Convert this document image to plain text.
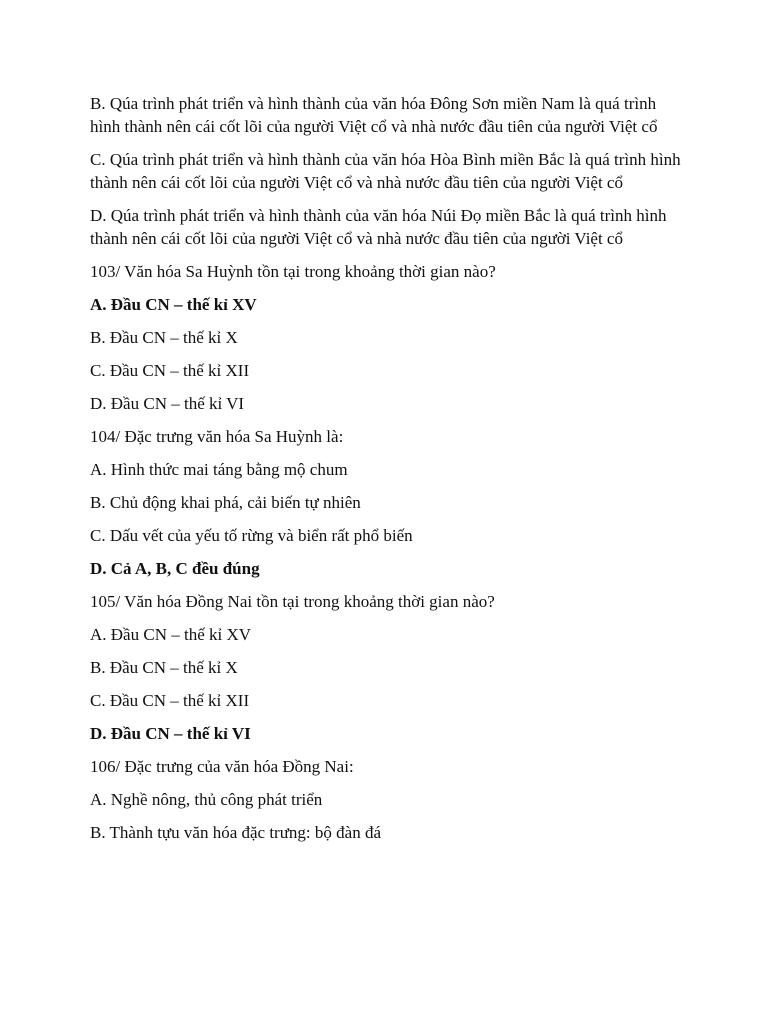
B. Qúa trình phát triển và hình thành của văn hóa Đông Sơn miền Nam là quá trình hình thành nên cái cốt lõi của người Việt cổ và nhà nước đầu tiên của người Việt cổ

C. Qúa trình phát triển và hình thành của văn hóa Hòa Bình miền Bắc là quá trình hình thành nên cái cốt lõi của người Việt cổ và nhà nước đầu tiên của người Việt cổ

D. Qúa trình phát triển và hình thành của văn hóa Núi Đọ miền Bắc là quá trình hình thành nên cái cốt lõi của người Việt cổ và nhà nước đầu tiên của người Việt cổ

103/ Văn hóa Sa Huỳnh tồn tại trong khoảng thời gian nào?

A. Đầu CN – thế kỉ XV

B. Đầu CN – thế kỉ X

C. Đầu CN – thế kỉ XII

D. Đầu CN – thế kỉ VI

104/ Đặc trưng văn hóa Sa Huỳnh là:

A. Hình thức mai táng bằng mộ chum

B. Chủ động khai phá, cải biến tự nhiên

C. Dấu vết của yếu tố rừng và biển rất phổ biến

D. Cả A, B, C đều đúng

105/ Văn hóa Đồng Nai tồn tại trong khoảng thời gian nào?

A. Đầu CN – thế kỉ XV

B. Đầu CN – thế kỉ X

C. Đầu CN – thế kỉ XII

D. Đầu CN – thế kỉ VI

106/ Đặc trưng của văn hóa Đồng Nai:

A. Nghề nông, thủ công phát triển

B. Thành tựu văn hóa đặc trưng: bộ đàn đá
